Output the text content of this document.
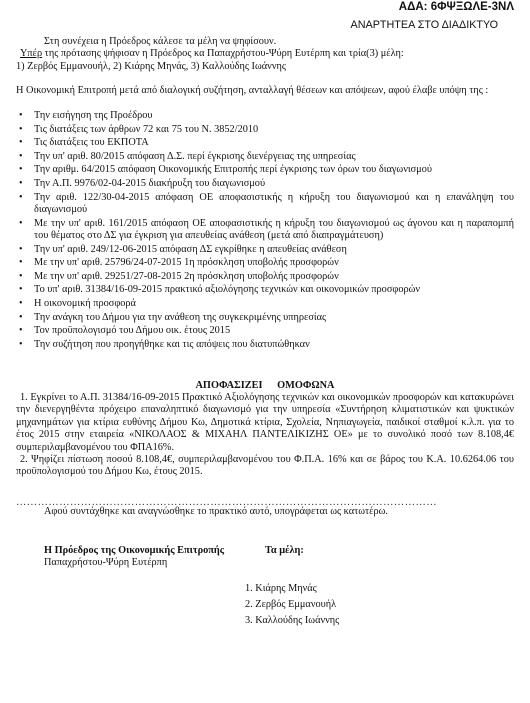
ΑΔΑ: 6ΦΨΞΩΛΕ-3ΝΛ
ΑΝΑΡΤΗΤΕΑ ΣΤΟ ΔΙΑΔΙΚΤΥΟ

Στη συνέχεια η Πρόεδρος κάλεσε τα μέλη να ψηφίσουν.

Υπέρ της πρότασης ψήφισαν η Πρόεδρος κα Παπαχρήστου-Ψύρη Ευτέρπη και τρία(3) μέλη:

1) Ζερβός Εμμανουήλ, 2) Κιάρης Μηνάς, 3) Καλλούδης Ιωάννης

Η Οικονομική Επιτροπή μετά από διαλογική συζήτηση, ανταλλαγή θέσεων και απόψεων, αφού έλαβε υπόψη της :

• Την εισήγηση της Προέδρου
• Τις διατάξεις των άρθρων 72 και 75 του Ν. 3852/2010
• Τις διατάξεις του ΕΚΠΟΤΑ
• Την υπ' αριθ. 80/2015 απόφαση Δ.Σ. περί έγκρισης διενέργειας της υπηρεσίας
• Την αριθμ. 64/2015 απόφαση Οικονομικής Επιτροπής περί έγκρισης των όρων του διαγωνισμού
• Την Α.Π. 9976/02-04-2015 διακήρυξη του διαγωνισμού
• Την αριθ. 122/30-04-2015 απόφαση ΟΕ αποφασιστικής η κήρυξη του διαγωνισμού και η επανάληψη του διαγωνισμού
• Με την υπ' αριθ. 161/2015 απόφαση ΟΕ αποφασιστικής η κήρυξη του διαγωνισμού ως άγονου και η παραπομπή του θέματος στο ΔΣ για έγκριση για απευθείας ανάθεση (μετά από διαπραγμάτευση)
• Την υπ' αριθ. 249/12-06-2015 απόφαση ΔΣ εγκρίθηκε η απευθείας ανάθεση
• Με την υπ' αριθ. 25796/24-07-2015 1η πρόσκληση υποβολής προσφορών
• Με την υπ' αριθ. 29251/27-08-2015 2η πρόσκληση υποβολής προσφορών
• Το υπ' αριθ. 31384/16-09-2015 πρακτικό αξιολόγησης τεχνικών και οικονομικών προσφορών
• Η οικονομική προσφορά
• Την ανάγκη του Δήμου για την ανάθεση της συγκεκριμένης υπηρεσίας
• Τον προϋπολογισμό του Δήμου οικ. έτους 2015
• Την συζήτηση που προηγήθηκε και τις απόψεις που διατυπώθηκαν
ΑΠΟΦΑΣΙΖΕΙ ΟΜΟΦΩΝΑ

1. Εγκρίνει το Α.Π. 31384/16-09-2015 Πρακτικό Αξιολόγησης τεχνικών και οικονομικών προσφορών και κατακυρώνει την διενεργηθέντα πρόχειρο επαναληπτικό διαγωνισμό για την υπηρεσία «Συντήρηση κλιματιστικών και ψυκτικών μηχανημάτων για κτίρια ευθύνης Δήμου Κω, Δημοτικά κτίρια, Σχολεία, Νηπιαγωγεία, παιδικοί σταθμοί κ.λ.π. για το έτος 2015 στην εταιρεία «ΝΙΚΟΛΑΟΣ & ΜΙΧΑΗΛ ΠΑΝΤΕΛΙΚΙΖΗΣ ΟΕ» με το συνολικό ποσό των 8.108,4€ συμπεριλαμβανομένου του ΦΠΑ16%.

2. Ψηφίζει πίστωση ποσού 8.108,4€, συμπεριλαμβανομένου του Φ.Π.Α. 16% και σε βάρος του Κ.Α. 10.6264.06 του προϋπολογισμού του Δήμου Κω, έτους 2015.

………………………………………………………………………………………………………
Αφού συντάχθηκε και αναγνώσθηκε το πρακτικό αυτό, υπογράφεται ως κατωτέρω.
Η Πρόεδρος της Οικονομικής Επιτροπής
Παπαχρήστου-Ψύρη Ευτέρπη
Τα μέλη:
1. Κιάρης Μηνάς
2. Ζερβός Εμμανουήλ
3. Καλλούδης Ιωάννης
